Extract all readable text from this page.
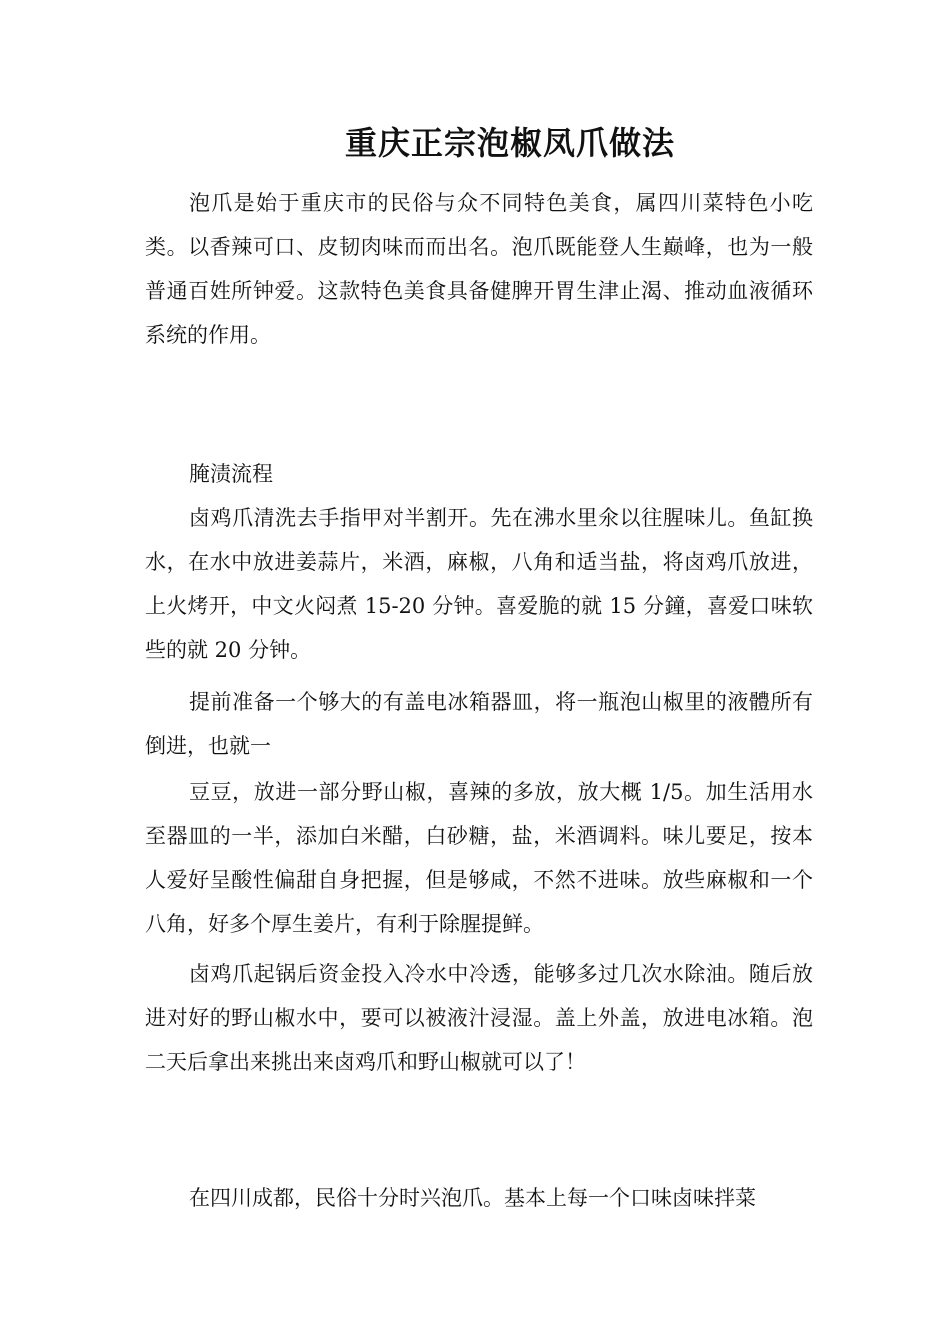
重庆正宗泡椒凤爪做法

泡爪是始于重庆市的民俗与众不同特色美食，属四川菜特色小吃类。以香辣可口、皮韧肉味而而出名。泡爪既能登人生巅峰，也为一般普通百姓所钟爱。这款特色美食具备健脾开胃生津止渴、推动血液循环系统的作用。

腌渍流程

卤鸡爪清洗去手指甲对半割开。先在沸水里氽以往腥味儿。鱼缸换水，在水中放进姜蒜片，米酒，麻椒，八角和适当盐，将卤鸡爪放进，上火烤开，中文火闷煮 15-20 分钟。喜爱脆的就 15 分鐘，喜爱口味软些的就 20 分钟。

提前准备一个够大的有盖电冰箱器皿，将一瓶泡山椒里的液體所有倒进，也就一

豆豆，放进一部分野山椒，喜辣的多放，放大概 1/5。加生活用水至器皿的一半，添加白米醋，白砂糖，盐，米酒调料。味儿要足，按本人爱好呈酸性偏甜自身把握，但是够咸，不然不进味。放些麻椒和一个八角，好多个厚生姜片，有利于除腥提鲜。

卤鸡爪起锅后资金投入冷水中冷透，能够多过几次水除油。随后放进对好的野山椒水中，要可以被液汁浸湿。盖上外盖，放进电冰箱。泡二天后拿出来挑出来卤鸡爪和野山椒就可以了！

在四川成都，民俗十分时兴泡爪。基本上每一个口味卤味拌菜
